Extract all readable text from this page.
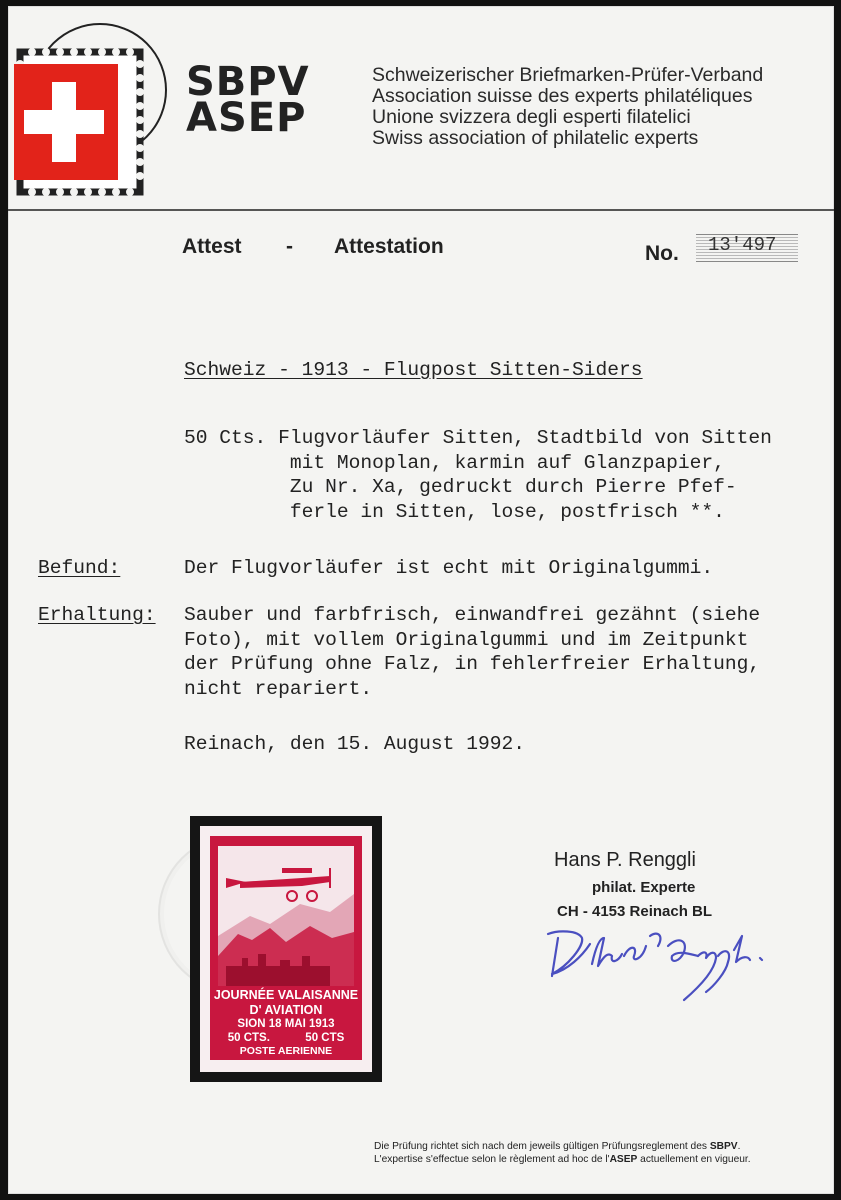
SBPV
ASEP
Schweizerischer Briefmarken-Prüfer-Verband
Association suisse des experts philatéliques
Unione svizzera degli esperti filatelici
Swiss association of philatelic experts
Attest - Attestation	No. 13'497
Schweiz - 1913 - Flugpost Sitten-Siders
50 Cts. Flugvorläufer Sitten, Stadtbild von Sitten
mit Monoplan, karmin auf Glanzpapier,
Zu Nr. Xa, gedruckt durch Pierre Pfef-
ferle in Sitten, lose, postfrisch **.
Befund:	Der Flugvorläufer ist echt mit Originalgummi.
Erhaltung: Sauber und farbfrisch, einwandfrei gezähnt (siehe
Foto), mit vollem Originalgummi und im Zeitpunkt
der Prüfung ohne Falz, in fehlerfreier Erhaltung,
nicht repariert.
Reinach, den 15. August 1992.
JOURNÉE VALAISANNE
D' AVIATION
SION 18 MAI 1913
50 CTS.	50 CTS
POSTE AERIENNE
Hans P. Renggli
philat. Experte
CH - 4153 Reinach BL
Die Prüfung richtet sich nach dem jeweils gültigen Prüfungsreglement des SBPV.
L'expertise s'effectue selon le règlement ad hoc de l'ASEP actuellement en vigueur.
